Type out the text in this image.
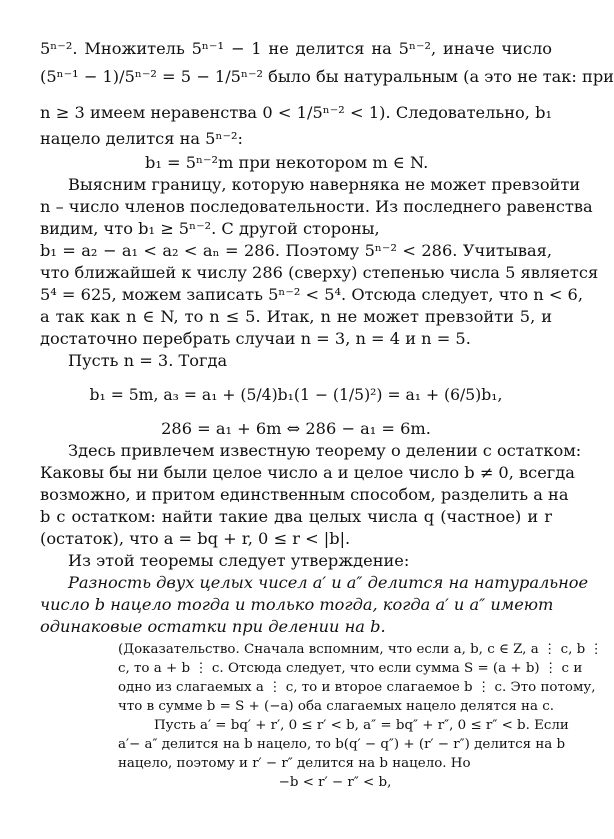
5ⁿ⁻². Множитель 5ⁿ⁻¹ − 1 не делится на 5ⁿ⁻², иначе число

(5ⁿ⁻¹ − 1)/5ⁿ⁻² = 5 − 1/5ⁿ⁻² было бы натуральным (а это не так: при

n ≥ 3 имеем неравенства 0 < 1/5ⁿ⁻² < 1). Следовательно, b₁

нацело делится на 5ⁿ⁻²:

b₁ = 5ⁿ⁻²m при некотором m ∈ N.

Выясним границу, которую наверняка не может превзойти

n – число членов последовательности. Из последнего равенства

видим, что b₁ ≥ 5ⁿ⁻². С другой стороны,

b₁ = a₂ − a₁ < a₂ < aₙ = 286. Поэтому 5ⁿ⁻² < 286. Учитывая,

что ближайшей к числу 286 (сверху) степенью числа 5 является

5⁴ = 625, можем записать 5ⁿ⁻² < 5⁴. Отсюда следует, что n < 6,

а так как n ∈ N, то n ≤ 5. Итак, n не может превзойти 5, и

достаточно перебрать случаи n = 3, n = 4 и n = 5.

Пусть n = 3. Тогда

b₁ = 5m, a₃ = a₁ + (5/4)b₁(1 − (1/5)²) = a₁ + (6/5)b₁,

286 = a₁ + 6m ⇔ 286 − a₁ = 6m.

Здесь привлечем известную теорему о делении с остатком:

Каковы бы ни были целое число a и целое число b ≠ 0, всегда

возможно, и притом единственным способом, разделить a на

b с остатком: найти такие два целых числа q (частное) и r

(остаток), что a = bq + r, 0 ≤ r < |b|.

Из этой теоремы следует утверждение:

Разность двух целых чисел a′ и a″ делится на натуральное

число b нацело тогда и только тогда, когда a′ и a″ имеют

одинаковые остатки при делении на b.

(Доказательство. Сначала вспомним, что если a, b, c ∈ Z, a ⋮ c, b ⋮

c, то a + b ⋮ c. Отсюда следует, что если сумма S = (a + b) ⋮ c и

одно из слагаемых a ⋮ c, то и второе слагаемое b ⋮ c. Это потому,

что в сумме b = S + (−a) оба слагаемых нацело делятся на c.

Пусть a′ = bq′ + r′, 0 ≤ r′ < b, a″ = bq″ + r″, 0 ≤ r″ < b. Если

a′− a″ делится на b нацело, то b(q′ − q″) + (r′ − r″) делится на b

нацело, поэтому и r′ − r″ делится на b нацело. Но

−b < r′ − r″ < b,
